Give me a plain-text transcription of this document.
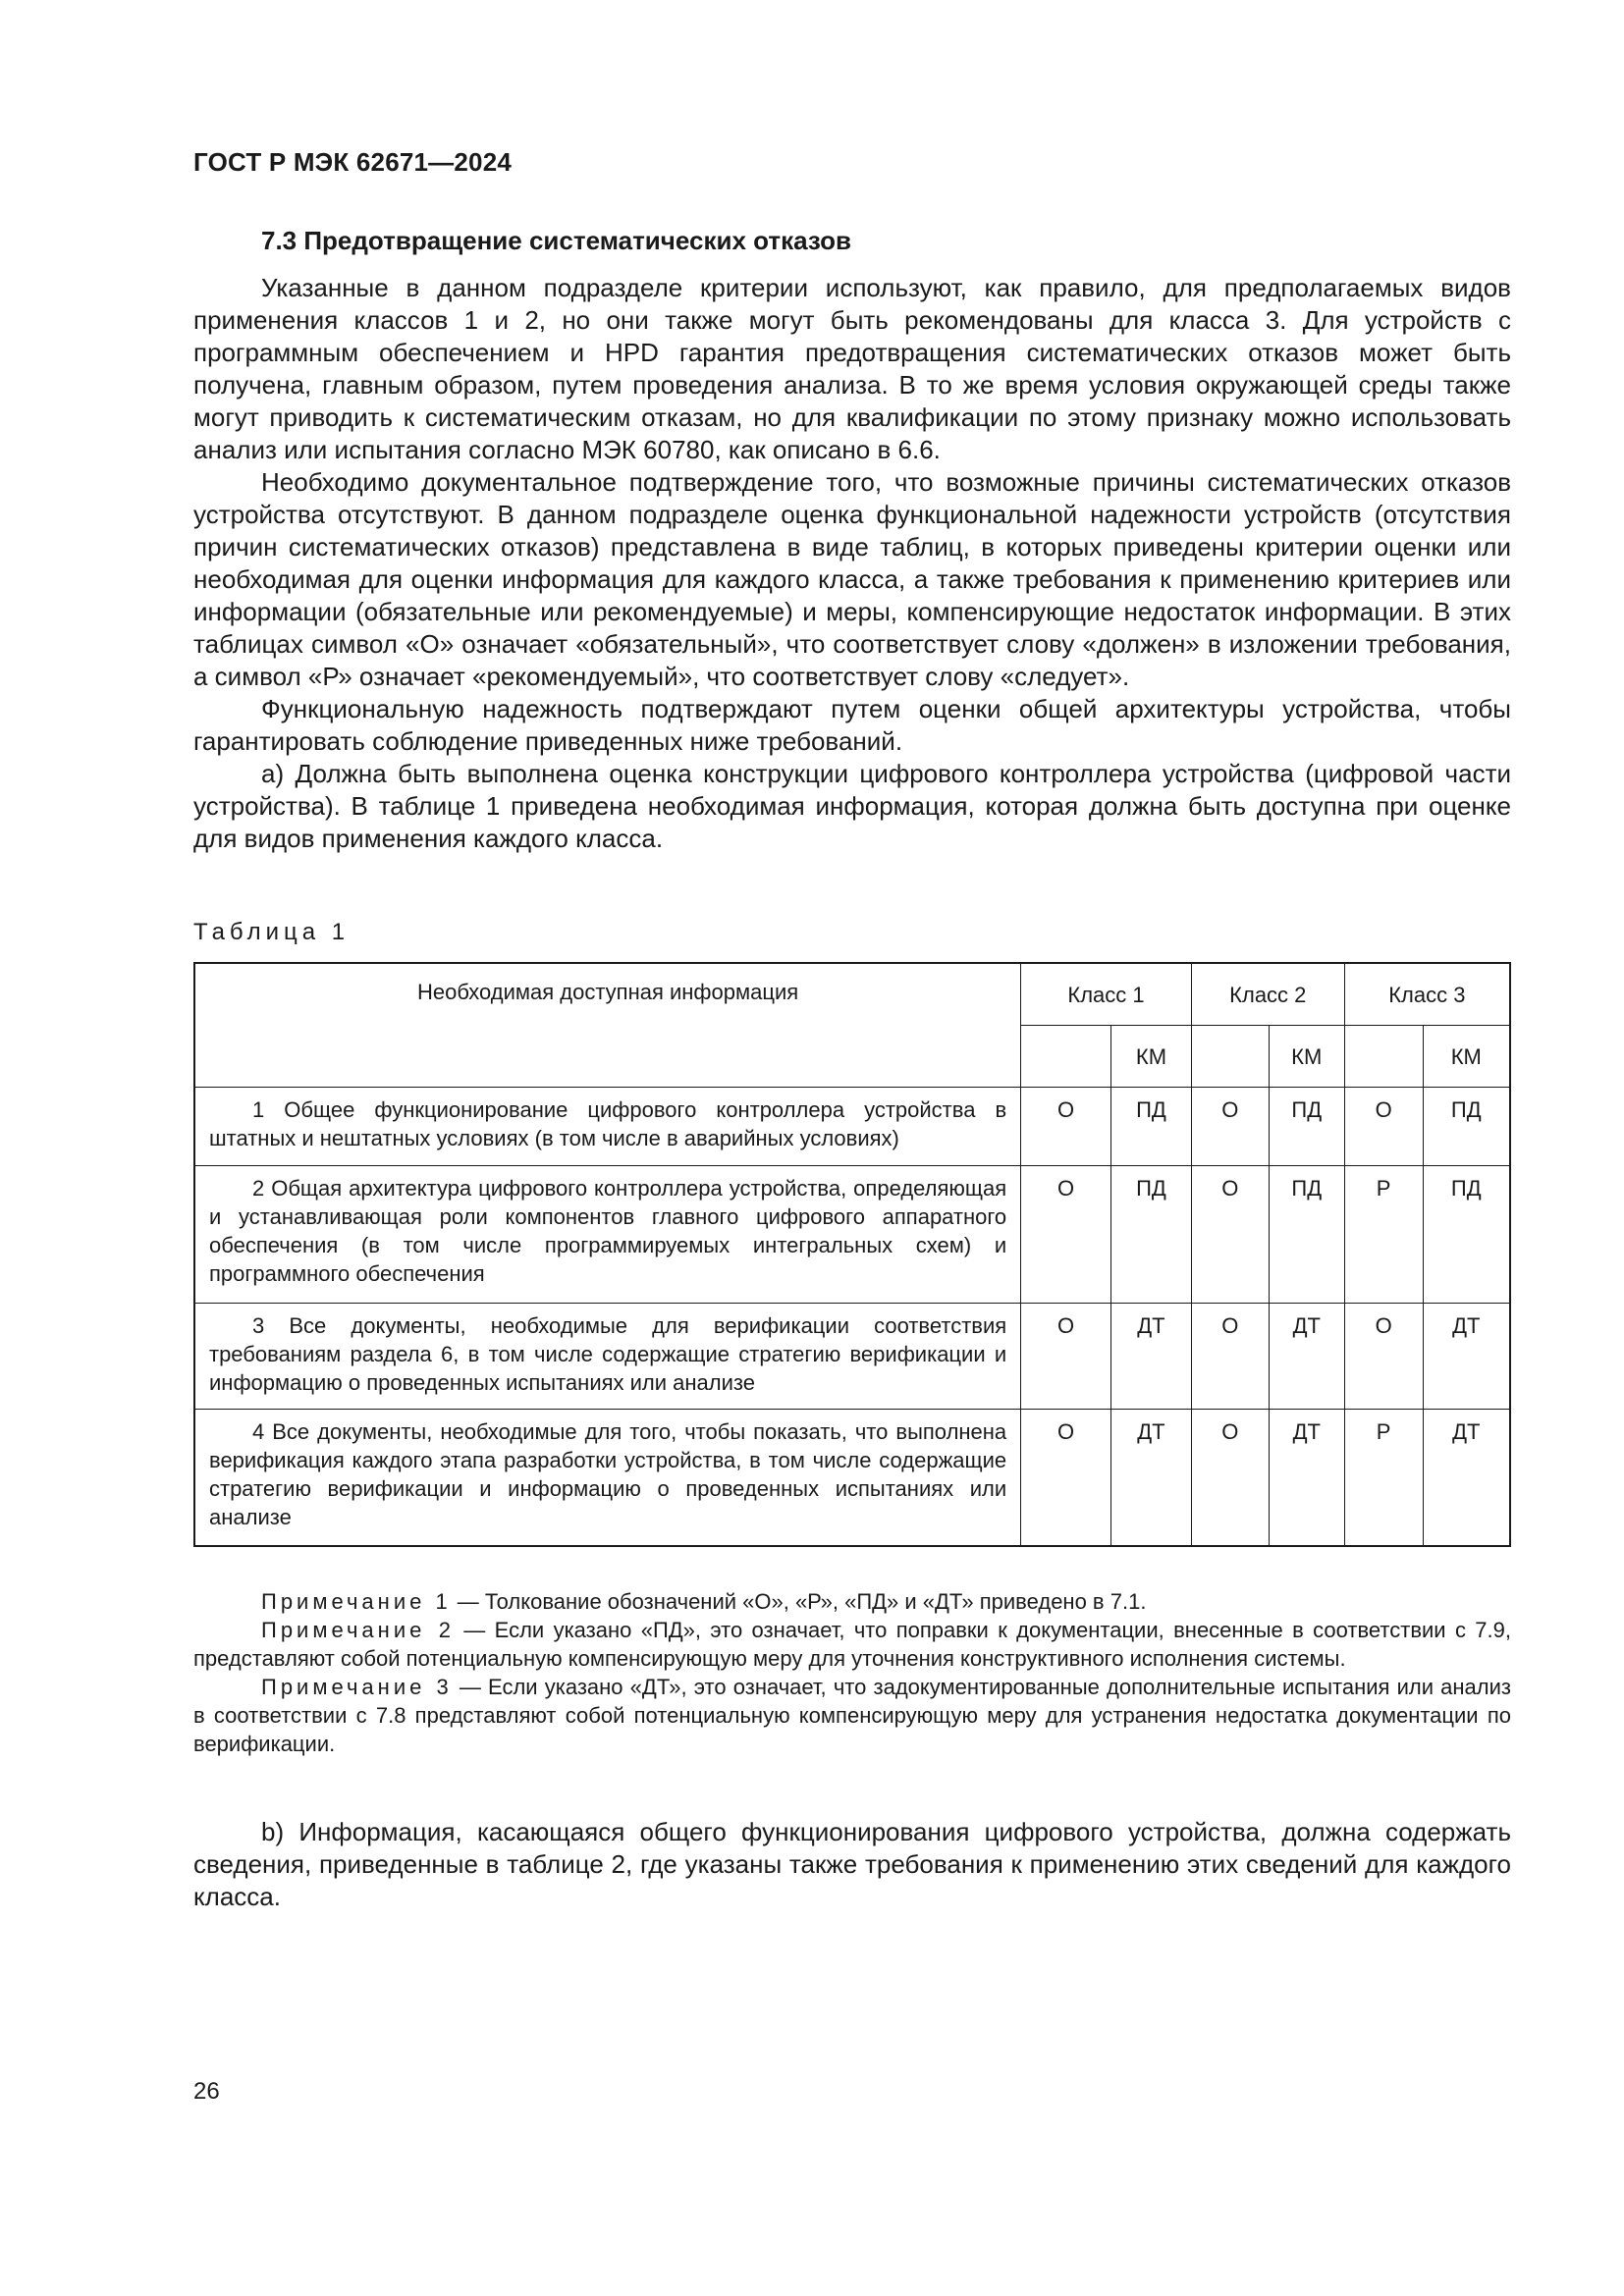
ГОСТ Р МЭК 62671—2024
7.3 Предотвращение систематических отказов

Указанные в данном подразделе критерии используют, как правило, для предполагаемых видов применения классов 1 и 2, но они также могут быть рекомендованы для класса 3. Для устройств с программным обеспечением и HPD гарантия предотвращения систематических отказов может быть получена, главным образом, путем проведения анализа. В то же время условия окружающей среды также могут приводить к систематическим отказам, но для квалификации по этому признаку можно использовать анализ или испытания согласно МЭК 60780, как описано в 6.6.

Необходимо документальное подтверждение того, что возможные причины систематических отказов устройства отсутствуют. В данном подразделе оценка функциональной надежности устройств (отсутствия причин систематических отказов) представлена в виде таблиц, в которых приведены критерии оценки или необходимая для оценки информация для каждого класса, а также требования к применению критериев или информации (обязательные или рекомендуемые) и меры, компенсирующие недостаток информации. В этих таблицах символ «О» означает «обязательный», что соответствует слову «должен» в изложении требования, а символ «Р» означает «рекомендуемый», что соответствует слову «следует».

Функциональную надежность подтверждают путем оценки общей архитектуры устройства, чтобы гарантировать соблюдение приведенных ниже требований.

а) Должна быть выполнена оценка конструкции цифрового контроллера устройства (цифровой части устройства). В таблице 1 приведена необходимая информация, которая должна быть доступна при оценке для видов применения каждого класса.

Таблица 1
Необходимая доступная информация	Класс 1		Класс 2		Класс 3	
		КМ		КМ		КМ

1 Общее функционирование цифрового контроллера устройства в штатных и нештатных условиях (в том числе в аварийных условиях)	О	ПД	О	ПД	О	ПД

2 Общая архитектура цифрового контроллера устройства, определяющая и устанавливающая роли компонентов главного цифрового аппаратного обеспечения (в том числе программируемых интегральных схем) и программного обеспечения	О	ПД	О	ПД	Р	ПД

3 Все документы, необходимые для верификации соответствия требованиям раздела 6, в том числе содержащие стратегию верификации и информацию о проведенных испытаниях или анализе	О	ДТ	О	ДТ	О	ДТ

4 Все документы, необходимые для того, чтобы показать, что выполнена верификация каждого этапа разработки устройства, в том числе содержащие стратегию верификации и информацию о проведенных испытаниях или анализе	О	ДТ	О	ДТ	Р	ДТ

Примечание 1 — Толкование обозначений «О», «Р», «ПД» и «ДТ» приведено в 7.1.

Примечание 2 — Если указано «ПД», это означает, что поправки к документации, внесенные в соответствии с 7.9, представляют собой потенциальную компенсирующую меру для уточнения конструктивного исполнения системы.

Примечание 3 — Если указано «ДТ», это означает, что задокументированные дополнительные испытания или анализ в соответствии с 7.8 представляют собой потенциальную компенсирующую меру для устранения недостатка документации по верификации.

b) Информация, касающаяся общего функционирования цифрового устройства, должна содержать сведения, приведенные в таблице 2, где указаны также требования к применению этих сведений для каждого класса.

26
